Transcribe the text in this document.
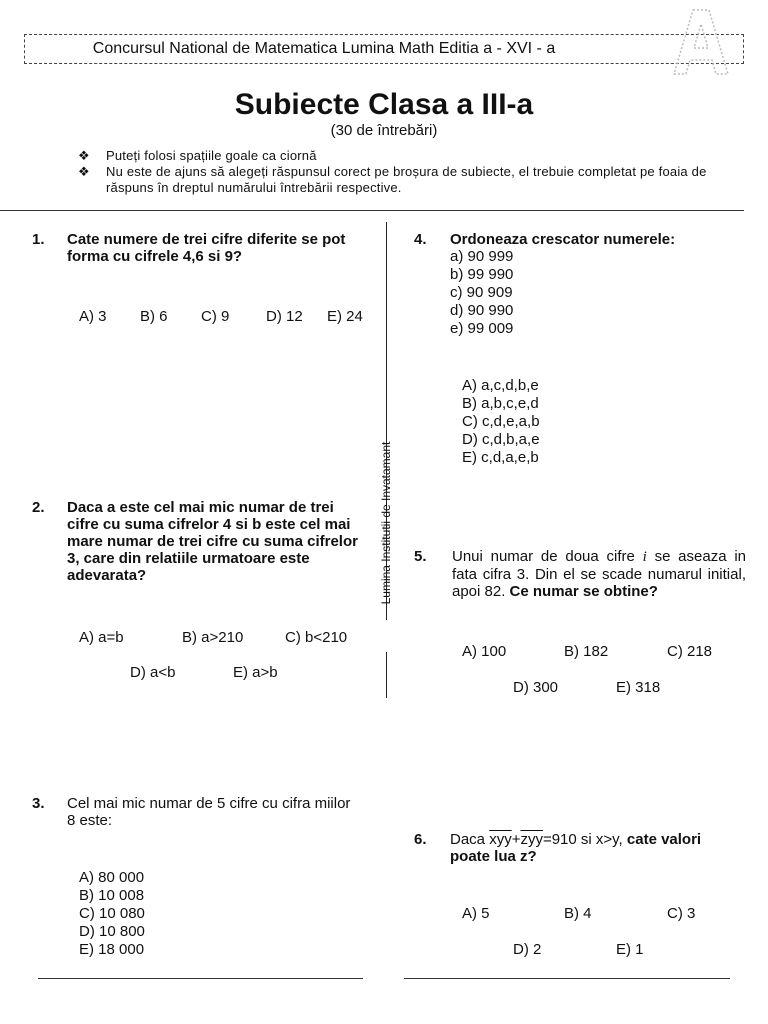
Concursul National de Matematica Lumina Math Editia a - XVI - a
Subiecte Clasa a III-a
(30 de întrebări)
❖ Puteți folosi spațiile goale ca ciornă
❖ Nu este de ajuns să alegeți răspunsul corect pe broșura de subiecte, el trebuie completat pe foaia de răspuns în dreptul numărului întrebării respective.
Lumina Institutii de Invatamant
1. Cate numere de trei cifre diferite se pot forma cu cifrele 4,6 si 9?
A) 3 B) 6 C) 9 D) 12 E) 24
2. Daca a este cel mai mic numar de trei cifre cu suma cifrelor 4 si b este cel mai mare numar de trei cifre cu suma cifrelor 3, care din relatiile urmatoare este adevarata?
A) a=b	B) a>210	C) b<210
D) a<b	E) a>b
3. Cel mai mic numar de 5 cifre cu cifra miilor 8 este:
A) 80 000
B) 10 008
C) 10 080
D) 10 800
E) 18 000
4. Ordoneaza crescator numerele:
a) 90 999
b) 99 990
c) 90 909
d) 90 990
e) 99 009
A) a,c,d,b,e
B) a,b,c,e,d
C) c,d,e,a,b
D) c,d,b,a,e
E) c,d,a,e,b
5. Unui numar de doua cifre i se aseaza in fata cifra 3. Din el se scade numarul initial, apoi 82. Ce numar se obtine?
A) 100	B) 182	C) 218
D) 300	E) 318
6. Daca $\overline{xyy}+\overline{zyy}=910$ si x>y, cate valori poate lua z?
A) 5	B) 4	C) 3
D) 2	E) 1
